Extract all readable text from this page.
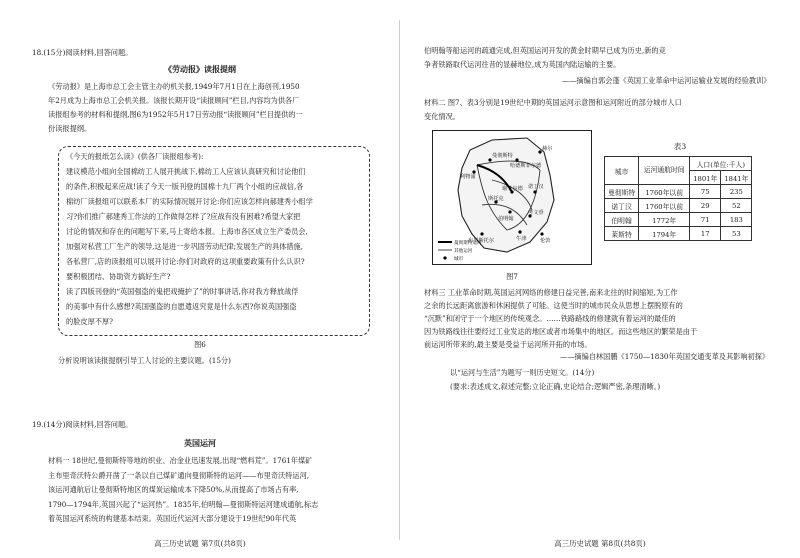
18.(15分)阅读材料,回答问题。
《劳动报》读报提纲
《劳动报》是上海市总工会主管主办的机关报,1949年7月1日在上海创刊,1950
年2月成为上海市总工会机关报。该报长期开设“读报顾问”栏目,内容均为供各厂
读报组参考的材料和提纲,图6为1952年5月17日劳动报“读报顾问”栏目提供的一
份读报提纲。
《今天的报纸怎么读》(供各厂读报组参考):
建议模范小组向全国棉纺工人展开挑战下,棉纺工人应该认真研究和讨论他们
的条件,积极起来应战!读了今天一版刊登的国棉十九厂两个小组的应战信,各
棉纺厂读报组可以联系本厂的实际情况展开讨论:你们应该怎样向郝建秀小组学
习?你们推广郝建秀工作法的工作做得怎样了?应战有没有困难?希望大家把
讨论的情况和存在的问题写下来,马上寄给本报。上海市各区成立生产委员会,
加强对私营工厂生产的领导,这是进一步巩固劳动纪律;发展生产的具体措施,
各私营厂,店的读报组可以展开讨论:你们对政府的这项重要政策有什么认识?
要积极团结、协助资方搞好生产?
读了四版刊登的“英国强盗的鬼把戏掩护了”的时事讲话,你对我方释放战俘
的美事中有什么感想?英国强盗的自愿遣返究竟是什么东西?你说英国强盗
的脸皮厚不厚?
图6
分析说明该读报提纲引导工人讨论的主要议题。(15分)
19.(14分)阅读材料,回答问题。
英国运河
材料一 18世纪,曼彻斯特等地纺织业、冶金业迅速发展,出现“燃料荒”。1761年煤矿
主布里奇沃特公爵开凿了一条以自己煤矿通向曼彻斯特的运河——布里奇沃特运河,
该运河通航后让曼彻斯特地区的煤炭运输成本下降50%,从而提高了市场占有率,
1790—1794年,英国兴起了“运河热”。1835年,伯明翰—曼彻斯特运河建成通航,标志
着英国运河系统的构建基本结束。英国近代运河大部分建设于19世纪90年代英
高三历史试题 第7页(共8页)
伯明翰等船运河的疏通完成,但英国运河开发的黄金时期早已成为历史,新的竞
争者铁路取代运河往昔的显赫地位,成为英国内陆运输的主要。
——摘编自郭会蓬《英国工业革命中运河运输业发展的经验教训》
材料二 图7、表3分别是19世纪中期的英国运河示意图和运河附近的部分城市人口
变化情况。
赫尔
曼彻斯特
利物浦
哈德斯菲尔德
谢菲尔德 诺丁汉
斯托克
伯明翰
考文垂
牛津	伦敦
布里斯托尔
曼彻斯特运河
其他运河
城市
图7
表3
城市	运河通航时间	人口(单位:千人)	
		1801年	1841年
曼彻斯特	1760年以前	75	235
诺丁汉	1760年以前	29	52
伯明翰	1772年	71	183
莱斯特	1794年	17	53
材料三 工业革命时期,英国运河网络的修建日益完善,南来北往的时间缩短,为工作
之余的长远距离旅游和休闲提供了可能。这使当时的城市民众从思想上摆脱原有的
“沉默”和闭守于一个地区的传统观念。……铁路路线的修建就有着运河的最佳的
因为铁路线往往要经过工业发达的地区或者市场集中的地区。而这些地区的繁荣是由于
前运河所带来的,最主要是受益于运河所开拓的市场。
——摘编自林国鹏《1750—1830年英国交通变革及其影响初探》
以“运河与生活”为题写一则历史短文。(14分)
(要求:表述成文,叙述完整;立论正确,史论结合;逻辑严密,条理清晰。)
高三历史试题 第8页(共8页)
